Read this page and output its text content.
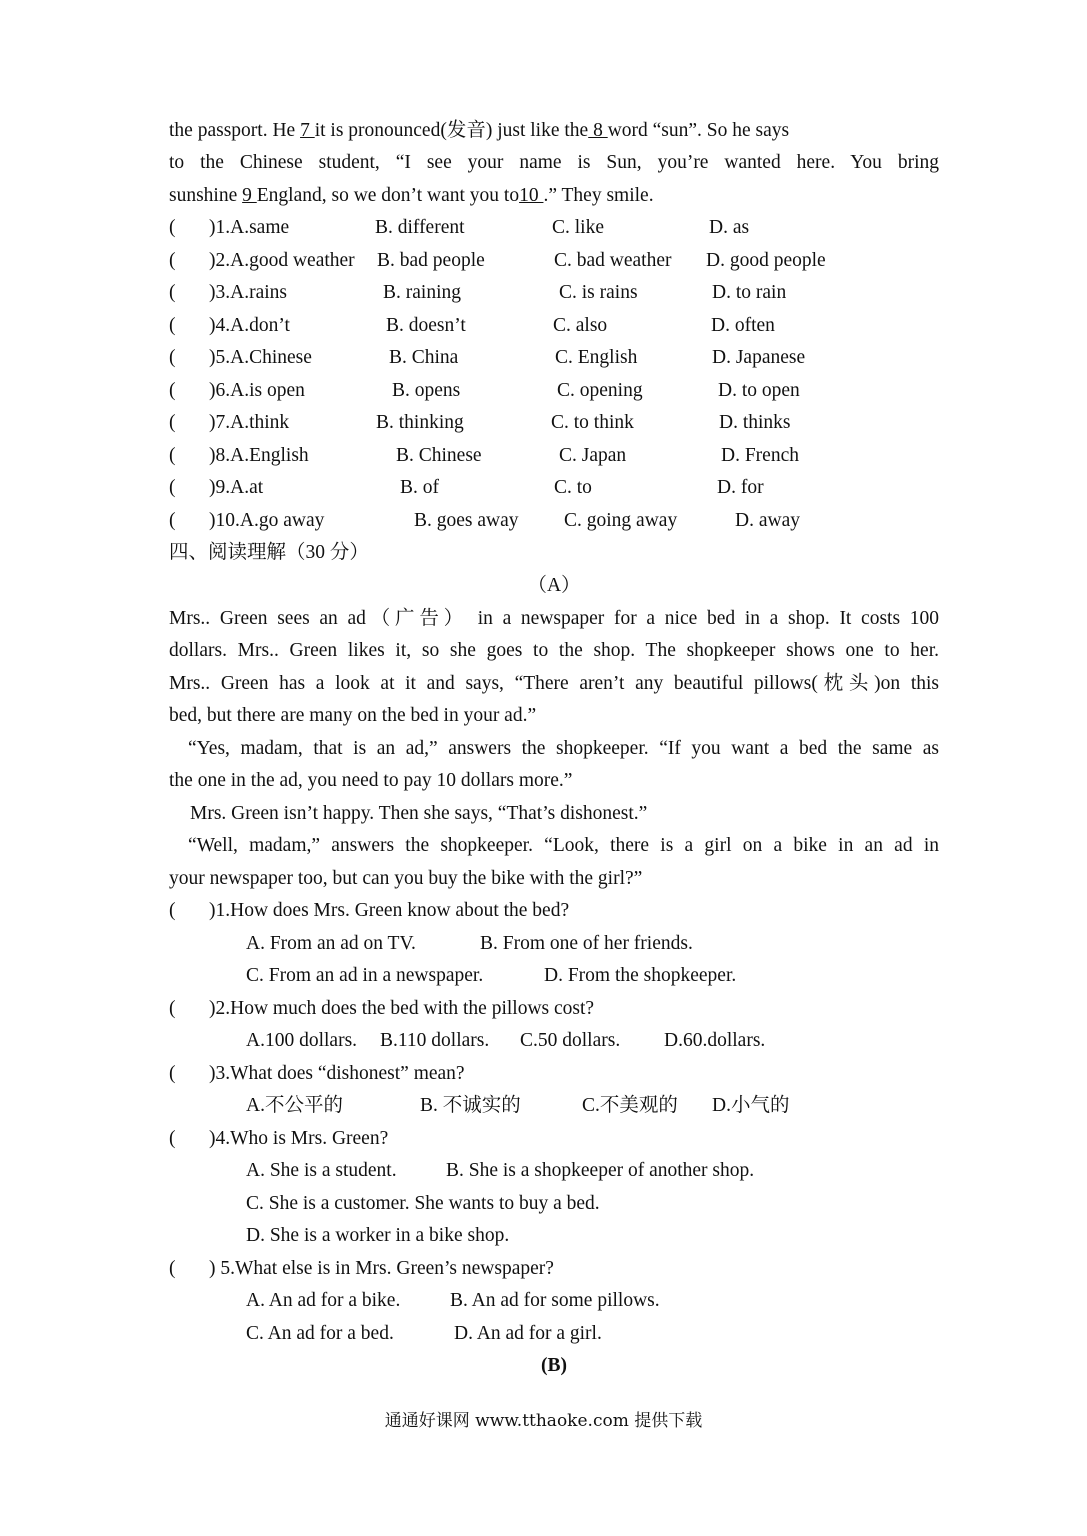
the passport. He 7 it is pronounced(发音) just like the 8 word “sun”. So he says
to the Chinese student, “I see your name is Sun, you’re wanted here. You bring
sunshine 9 England, so we don’t want you to10 .” They smile.
( )1.A.same	B. different	C. like	D. as
( )2.A.good weather B. bad people	C. bad weather D. good people
( )3.A.rains	B. raining	C. is rains	D. to rain
( )4.A.don’t	B. doesn’t	C. also	D. often
( )5.A.Chinese	B. China	C. English	D. Japanese
( )6.A.is open	B. opens	C. opening	D. to open
( )7.A.think	B. thinking	C. to think	D. thinks
( )8.A.English	B. Chinese	C. Japan	D. French
( )9.A.at	B. of	C. to	D. for
( )10.A.go away	B. goes away C. going away	D. away
四、阅读理解（30 分）
（A）
Mrs.. Green sees an ad（广告） in a newspaper for a nice bed in a shop. It costs 100
dollars. Mrs.. Green likes it, so she goes to the shop. The shopkeeper shows one to her.
Mrs.. Green has a look at it and says, “There aren’t any beautiful pillows(枕头)on this
bed, but there are many on the bed in your ad.”
“Yes, madam, that is an ad,” answers the shopkeeper. “If you want a bed the same as
the one in the ad, you need to pay 10 dollars more.”
Mrs. Green isn’t happy. Then she says, “That’s dishonest.”
“Well, madam,” answers the shopkeeper. “Look, there is a girl on a bike in an ad in
your newspaper too, but can you buy the bike with the girl?”
( )1.How does Mrs. Green know about the bed?
A. From an ad on TV.	B. From one of her friends.
C. From an ad in a newspaper.	D. From the shopkeeper.
( )2.How much does the bed with the pillows cost?
A.100 dollars. B.110 dollars. C.50 dollars. D.60.dollars.
( )3.What does “dishonest” mean?
A.不公平的	B. 不诚实的	C.不美观的 D.小气的
( )4.Who is Mrs. Green?
A. She is a student.	B. She is a shopkeeper of another shop.
C. She is a customer. She wants to buy a bed.
D. She is a worker in a bike shop.
( ) 5.What else is in Mrs. Green’s newspaper?
A. An ad for a bike.	B. An ad for some pillows.
C. An ad for a bed.	D. An ad for a girl.
(B)
通通好课网 www.tthaoke.com 提供下载
